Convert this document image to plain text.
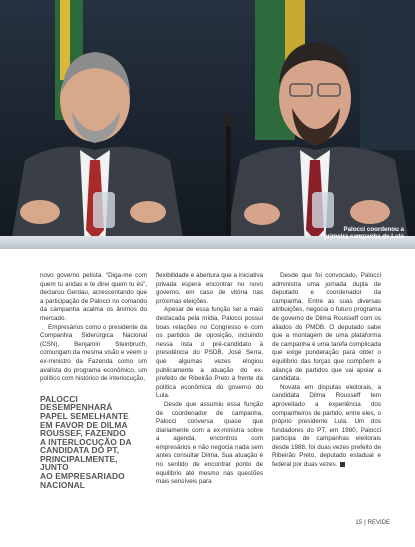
Palocci coordenou a
primeira campanha de Lula

novo governo petista. “Diga-me com quem tu andas e te direi quem tu és”, declarou Gerdau, acrescentando que a participação de Palocci no comando da campanha acalma os ânimos do mercado.

Empresários como o presidente da Companhia Siderúrgica Nacional (CSN), Benjamin Steinbruch, comungam da mesma visão e veem o ex-ministro da Fazenda como um avalista do programa econômico, um político com histórico de interlocução,

PALOCCI
DESEMPENHARÁ
PAPEL SEMELHANTE
EM FAVOR DE DILMA
ROUSSEF, FAZENDO
A INTERLOCUÇÃO DA
CANDIDATA DO PT,
PRINCIPALMENTE, JUNTO
AO EMPRESARIADO
NACIONAL

flexibilidade e abertura que a iniciativa privada espera encontrar no novo governo, em caso de vitória nas próximas eleições.

Apesar de essa função ser a mais destacada pela mídia, Palocci possui boas relações no Congresso e com os partidos de oposição, incluindo nessa lista o pré-candidato à presidência do PSDB, José Serra, que algumas vezes elogiou publicamente a atuação do ex-prefeito de Ribeirão Preto à frente da política econômica do governo do Lula.

Desde que assumiu essa função de coordenador de campanha, Palocci conversa quase que diariamente com a ex-ministra sobre a agenda, encontros com empresários e não negocia nada sem antes consultar Dilma. Sua atuação é no sentido de encontrar ponto de equilíbrio até mesmo nas questões mais sensíveis para

Desde que foi convocado, Palocci administra uma jornada dupla de deputado e coordenador da campanha. Entre as suas diversas atribuições, negocia o futuro programa de governo de Dilma Rousseff com os aliados do PMDB. O deputado sabe que a montagem de uma plataforma de campanha é uma tarefa complicada que exige ponderação para obter o equilíbrio das forças que compõem a aliança de partidos que vai apoiar a candidata.

Novata em disputas eleitorais, a candidata Dilma Rousseff tem aproveitado a experiência dos companheiros de partido, entre eles, o próprio presidente Lula. Um dos fundadores do PT, em 1980, Palocci participa de campanhas eleitorais desde 1988, foi duas vezes prefeito de Ribeirão Preto, deputado estadual e federal por duas vezes.

15 | REVIDE
